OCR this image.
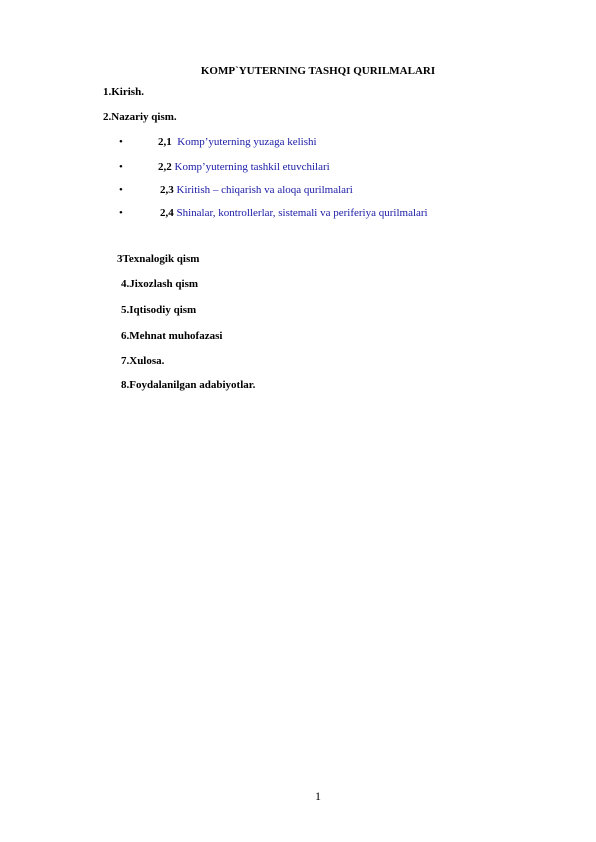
KOMP`YUTERNING TASHQI QURILMALARI
1.Kirish.
2.Nazariy qism.
•	2,1 Komp’yuterning yuzaga kelishi
•	2,2 Komp’yuterning tashkil etuvchilari
•	2,3 Kiritish – chiqarish va aloqa qurilmalari
•	2,4 Shinalar, kontrollerlar, sistemali va periferiya qurilmalari
3Texnalogik qism
4.Jixozlash qism
5.Iqtisodiy qism
6.Mehnat muhofazasi
7.Xulosa.
8.Foydalanilgan adabiyotlar.
1
